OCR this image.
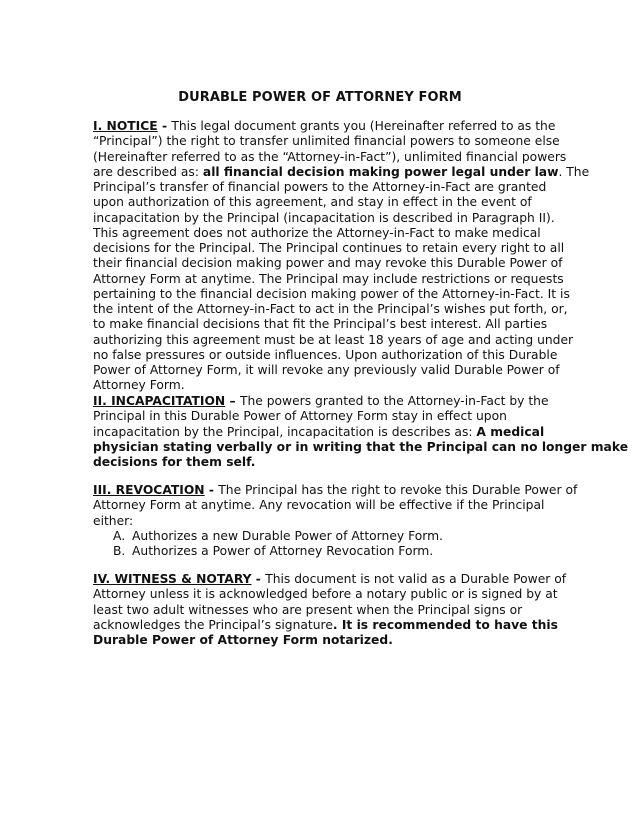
DURABLE POWER OF ATTORNEY FORM
I. NOTICE - This legal document grants you (Hereinafter referred to as the
“Principal”) the right to transfer unlimited financial powers to someone else
(Hereinafter referred to as the “Attorney-in-Fact”), unlimited financial powers
are described as: all financial decision making power legal under law. The
Principal’s transfer of financial powers to the Attorney-in-Fact are granted
upon authorization of this agreement, and stay in effect in the event of
incapacitation by the Principal (incapacitation is described in Paragraph II).
This agreement does not authorize the Attorney-in-Fact to make medical
decisions for the Principal. The Principal continues to retain every right to all
their financial decision making power and may revoke this Durable Power of
Attorney Form at anytime. The Principal may include restrictions or requests
pertaining to the financial decision making power of the Attorney-in-Fact. It is
the intent of the Attorney-in-Fact to act in the Principal’s wishes put forth, or,
to make financial decisions that fit the Principal’s best interest. All parties
authorizing this agreement must be at least 18 years of age and acting under
no false pressures or outside influences. Upon authorization of this Durable
Power of Attorney Form, it will revoke any previously valid Durable Power of
Attorney Form.
II. INCAPACITATION – The powers granted to the Attorney-in-Fact by the
Principal in this Durable Power of Attorney Form stay in effect upon
incapacitation by the Principal, incapacitation is describes as: A medical
physician stating verbally or in writing that the Principal can no longer make
decisions for them self.
III. REVOCATION - The Principal has the right to revoke this Durable Power of
Attorney Form at anytime. Any revocation will be effective if the Principal
either:
A. Authorizes a new Durable Power of Attorney Form.
B. Authorizes a Power of Attorney Revocation Form.
IV. WITNESS & NOTARY - This document is not valid as a Durable Power of
Attorney unless it is acknowledged before a notary public or is signed by at
least two adult witnesses who are present when the Principal signs or
acknowledges the Principal’s signature. It is recommended to have this
Durable Power of Attorney Form notarized.
